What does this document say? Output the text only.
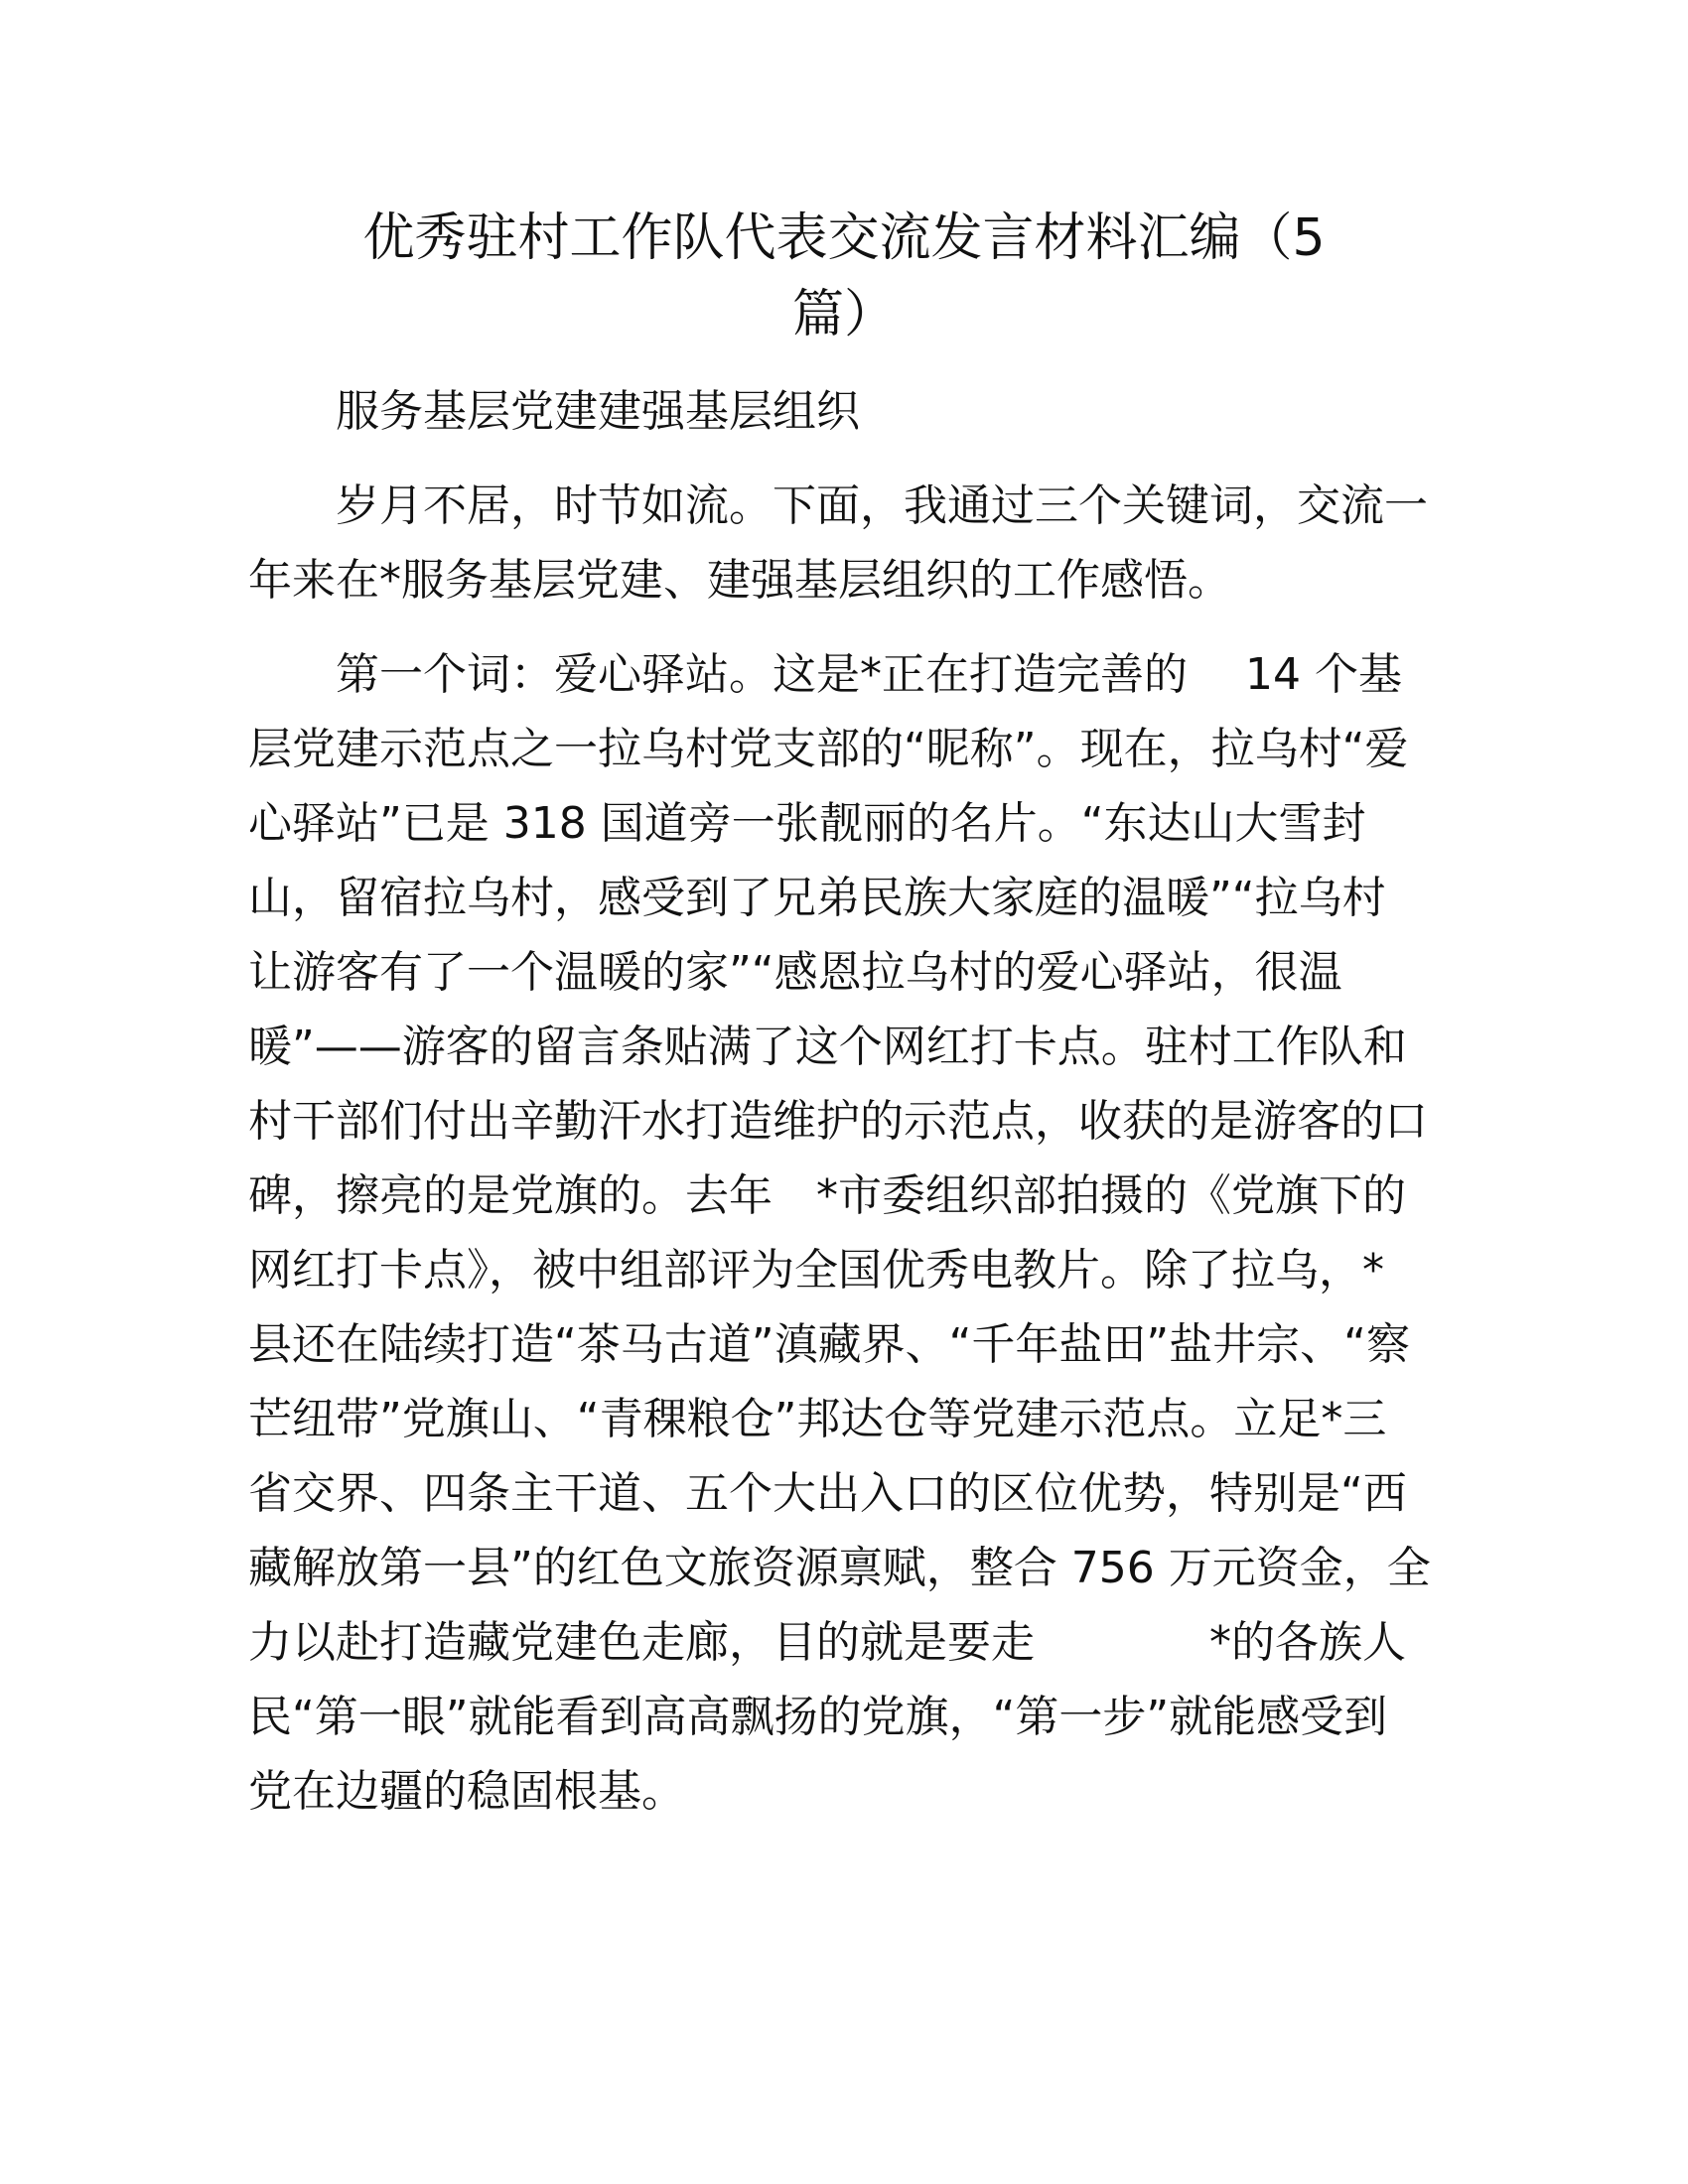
优秀驻村工作队代表交流发言材料汇编（5
篇）

服务基层党建建强基层组织

岁月不居，时节如流。下面，我通过三个关键词，交流一

年来在*服务基层党建、建强基层组织的工作感悟。

第一个词：爱心驿站。这是*正在打造完善的　 14 个基

层党建示范点之一拉乌村党支部的“昵称”。现在，拉乌村“爱

心驿站”已是 318 国道旁一张靓丽的名片。“东达山大雪封

山，留宿拉乌村，感受到了兄弟民族大家庭的温暖”“拉乌村

让游客有了一个温暖的家”“感恩拉乌村的爱心驿站，很温

暖”——游客的留言条贴满了这个网红打卡点。驻村工作队和

村干部们付出辛勤汗水打造维护的示范点，收获的是游客的口

碑，擦亮的是党旗的。去年　*市委组织部拍摄的《党旗下的

网红打卡点》，被中组部评为全国优秀电教片。除了拉乌，*

县还在陆续打造“茶马古道”滇藏界、“千年盐田”盐井宗、“察

芒纽带”党旗山、“青稞粮仓”邦达仓等党建示范点。立足*三

省交界、四条主干道、五个大出入口的区位优势，特别是“西

藏解放第一县”的红色文旅资源禀赋，整合 756 万元资金，全

力以赴打造藏党建色走廊，目的就是要走　　　　*的各族人

民“第一眼”就能看到高高飘扬的党旗，“第一步”就能感受到

党在边疆的稳固根基。
